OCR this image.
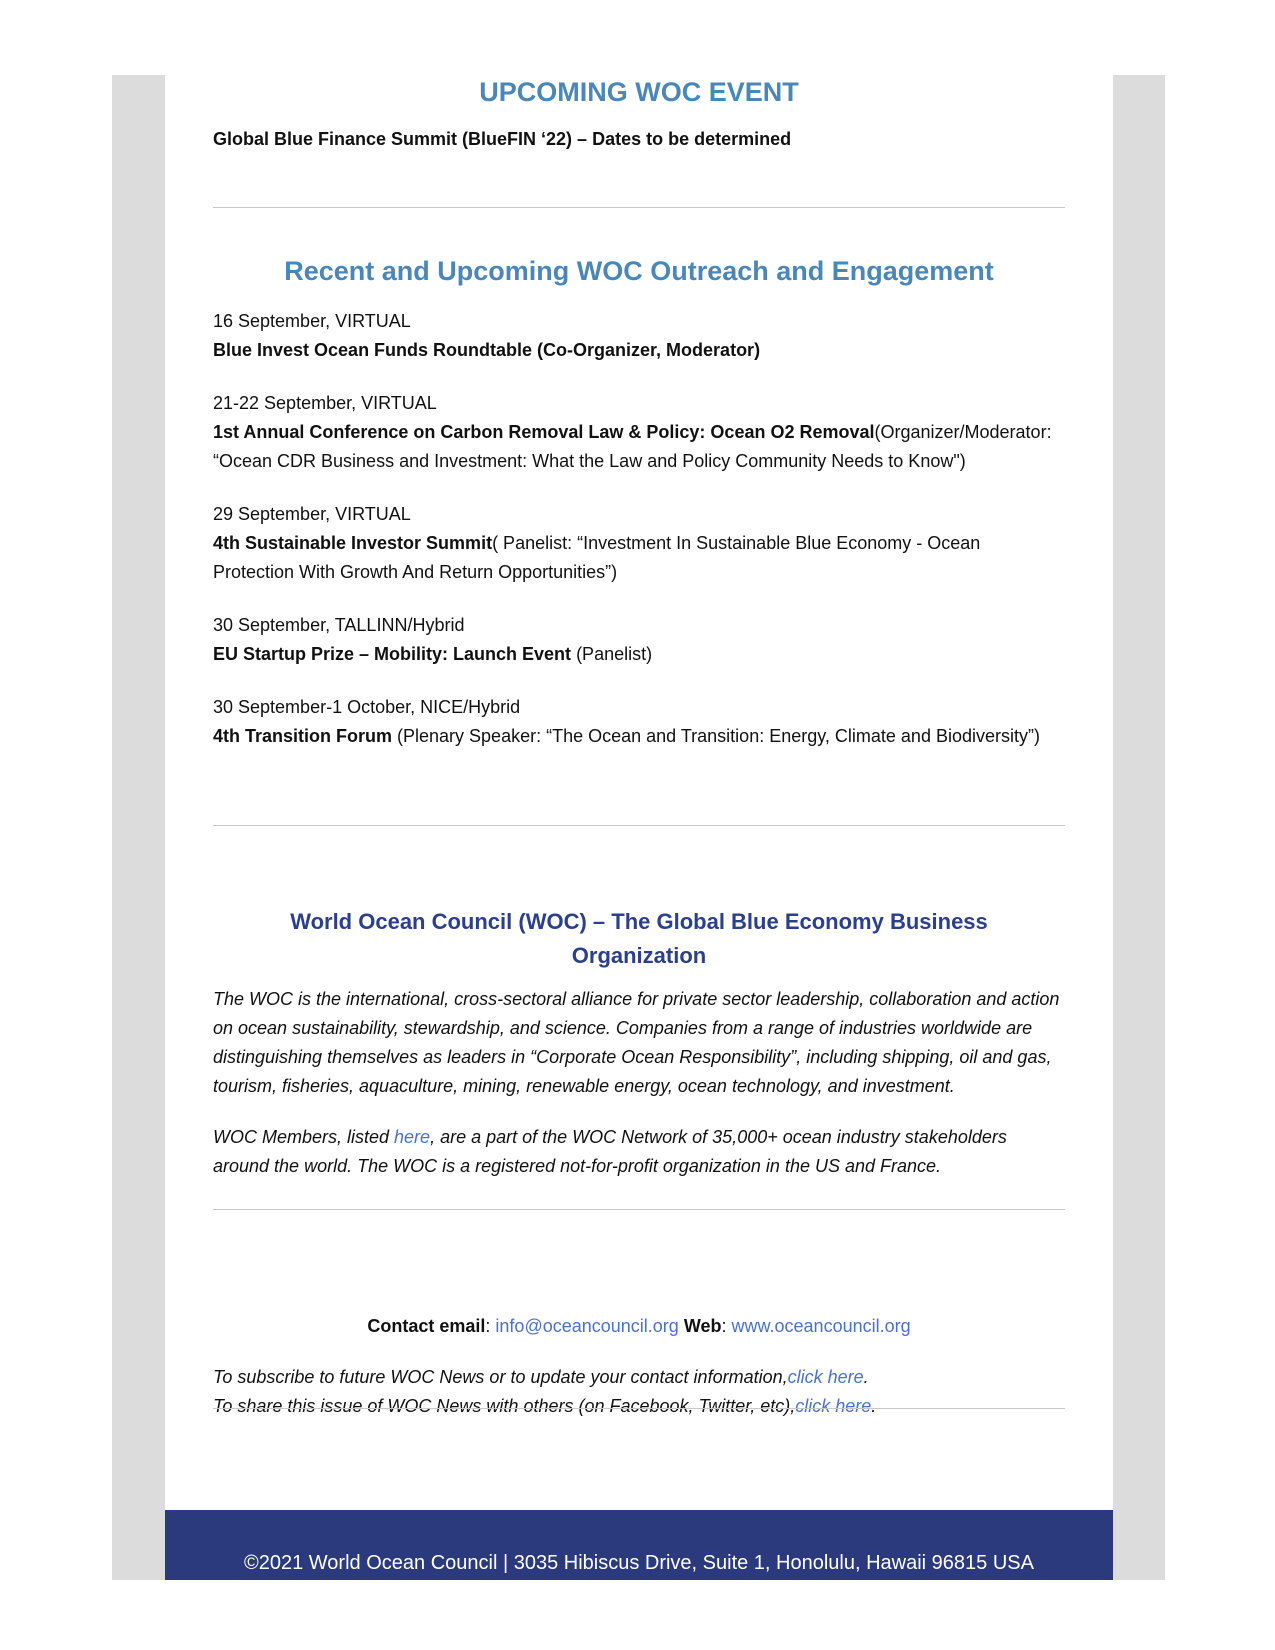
UPCOMING WOC EVENT
Global Blue Finance Summit (BlueFIN ‘22) – Dates to be determined
Recent and Upcoming WOC Outreach and Engagement

16 September, VIRTUAL

Blue Invest Ocean Funds Roundtable (Co-Organizer, Moderator)

21-22 September, VIRTUAL

1st Annual Conference on Carbon Removal Law & Policy: Ocean O2 Removal(Organizer/Moderator: “Ocean CDR Business and Investment: What the Law and Policy Community Needs to Know")

29 September, VIRTUAL

4th Sustainable Investor Summit( Panelist: “Investment In Sustainable Blue Economy - Ocean Protection With Growth And Return Opportunities”)

30 September, TALLINN/Hybrid

EU Startup Prize – Mobility: Launch Event (Panelist)

30 September-1 October, NICE/Hybrid

4th Transition Forum (Plenary Speaker: “The Ocean and Transition: Energy, Climate and Biodiversity”)

World Ocean Council (WOC) – The Global Blue Economy Business Organization

The WOC is the international, cross-sectoral alliance for private sector leadership, collaboration and action on ocean sustainability, stewardship, and science. Companies from a range of industries worldwide are distinguishing themselves as leaders in “Corporate Ocean Responsibility”, including shipping, oil and gas, tourism, fisheries, aquaculture, mining, renewable energy, ocean technology, and investment.

WOC Members, listed here, are a part of the WOC Network of 35,000+ ocean industry stakeholders around the world. The WOC is a registered not-for-profit organization in the US and France.

Contact email: info@oceancouncil.org Web: www.oceancouncil.org

To subscribe to future WOC News or to update your contact information,click here.

To share this issue of WOC News with others (on Facebook, Twitter, etc),click here.

©2021 World Ocean Council | 3035 Hibiscus Drive, Suite 1, Honolulu, Hawaii 96815 USA
